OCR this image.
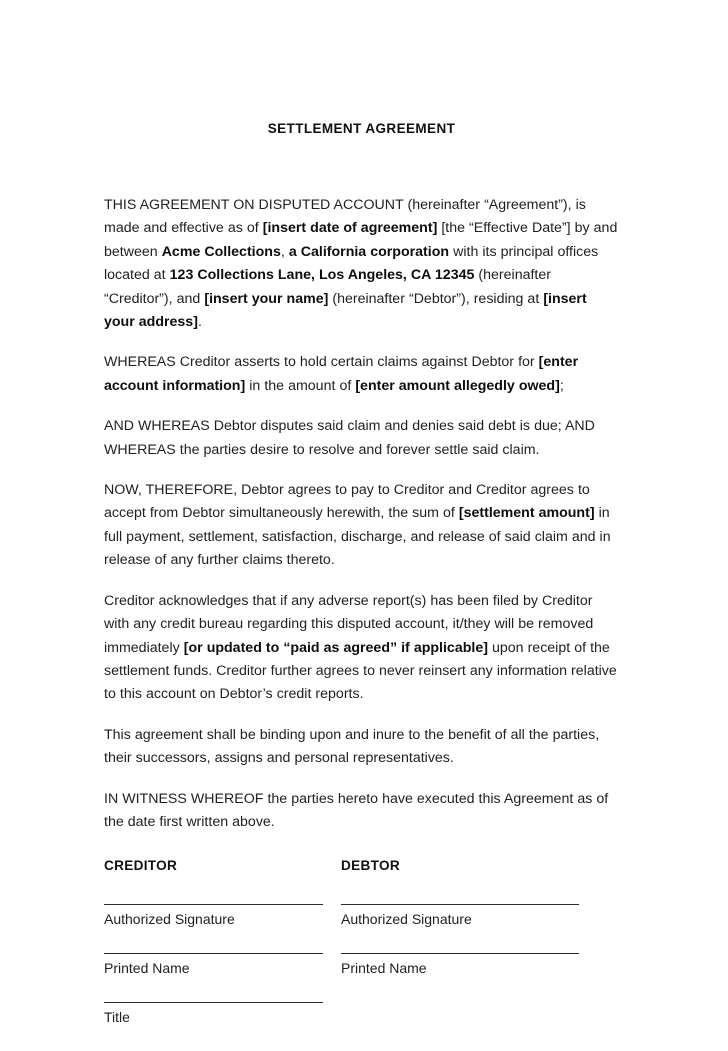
SETTLEMENT AGREEMENT

THIS AGREEMENT ON DISPUTED ACCOUNT (hereinafter “Agreement”), is made and effective as of [insert date of agreement] [the “Effective Date”] by and between Acme Collections, a California corporation with its principal offices located at 123 Collections Lane, Los Angeles, CA 12345 (hereinafter “Creditor”), and [insert your name] (hereinafter “Debtor”), residing at [insert your address].

WHEREAS Creditor asserts to hold certain claims against Debtor for [enter account information] in the amount of [enter amount allegedly owed];

AND WHEREAS Debtor disputes said claim and denies said debt is due; AND WHEREAS the parties desire to resolve and forever settle said claim.

NOW, THEREFORE, Debtor agrees to pay to Creditor and Creditor agrees to accept from Debtor simultaneously herewith, the sum of [settlement amount] in full payment, settlement, satisfaction, discharge, and release of said claim and in release of any further claims thereto.

Creditor acknowledges that if any adverse report(s) has been filed by Creditor with any credit bureau regarding this disputed account, it/they will be removed immediately [or updated to “paid as agreed” if applicable] upon receipt of the settlement funds. Creditor further agrees to never reinsert any information relative to this account on Debtor’s credit reports.

This agreement shall be binding upon and inure to the benefit of all the parties, their successors, assigns and personal representatives.

IN WITNESS WHEREOF the parties hereto have executed this Agreement as of the date first written above.

CREDITOR	DEBTOR
Authorized Signature
Printed Name
Title
Authorized Signature
Printed Name
